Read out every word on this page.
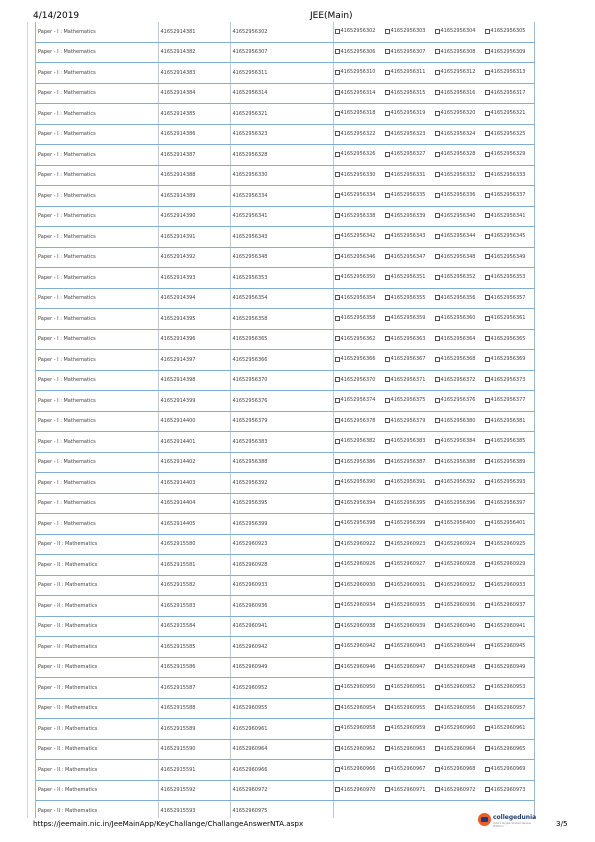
4/14/2019	JEE(Main)
Paper - I : Mathematics	41652914381	41652956302	41652956302 41652956303 41652956304 41652956305

Paper - I : Mathematics	41652914382	41652956307	41652956306 41652956307 41652956308 41652956309

Paper - I : Mathematics	41652914383	41652956311	41652956310 41652956311 41652956312 41652956313

Paper - I : Mathematics	41652914384	41652956314	41652956314 41652956315 41652956316 41652956317

Paper - I : Mathematics	41652914385	41652956321	41652956318 41652956319 41652956320 41652956321

Paper - I : Mathematics	41652914386	41652956323	41652956322 41652956323 41652956324 41652956325

Paper - I : Mathematics	41652914387	41652956328	41652956326 41652956327 41652956328 41652956329

Paper - I : Mathematics	41652914388	41652956330	41652956330 41652956331 41652956332 41652956333

Paper - I : Mathematics	41652914389	41652956334	41652956334 41652956335 41652956336 41652956337

Paper - I : Mathematics	41652914390	41652956341	41652956338 41652956339 41652956340 41652956341

Paper - I : Mathematics	41652914391	41652956343	41652956342 41652956343 41652956344 41652956345

Paper - I : Mathematics	41652914392	41652956348	41652956346 41652956347 41652956348 41652956349

Paper - I : Mathematics	41652914393	41652956353	41652956350 41652956351 41652956352 41652956353

Paper - I : Mathematics	41652914394	41652956354	41652956354 41652956355 41652956356 41652956357

Paper - I : Mathematics	41652914395	41652956358	41652956358 41652956359 41652956360 41652956361

Paper - I : Mathematics	41652914396	41652956365	41652956362 41652956363 41652956364 41652956365

Paper - I : Mathematics	41652914397	41652956366	41652956366 41652956367 41652956368 41652956369

Paper - I : Mathematics	41652914398	41652956370	41652956370 41652956371 41652956372 41652956373

Paper - I : Mathematics	41652914399	41652956376	41652956374 41652956375 41652956376 41652956377

Paper - I : Mathematics	41652914400	41652956379	41652956378 41652956379 41652956380 41652956381

Paper - I : Mathematics	41652914401	41652956383	41652956382 41652956383 41652956384 41652956385

Paper - I : Mathematics	41652914402	41652956388	41652956386 41652956387 41652956388 41652956389

Paper - I : Mathematics	41652914403	41652956392	41652956390 41652956391 41652956392 41652956393

Paper - I : Mathematics	41652914404	41652956395	41652956394 41652956395 41652956396 41652956397

Paper - I : Mathematics	41652914405	41652956399	41652956398 41652956399 41652956400 41652956401

Paper - II : Mathematics	41652915580	41652960923	41652960922 41652960923 41652960924 41652960925

Paper - II : Mathematics	41652915581	41652960928	41652960926 41652960927 41652960928 41652960929

Paper - II : Mathematics	41652915582	41652960933	41652960930 41652960931 41652960932 41652960933

Paper - II : Mathematics	41652915583	41652960936	41652960934 41652960935 41652960936 41652960937

Paper - II : Mathematics	41652915584	41652960941	41652960938 41652960939 41652960940 41652960941

Paper - II : Mathematics	41652915585	41652960942	41652960942 41652960943 41652960944 41652960945

Paper - II : Mathematics	41652915586	41652960949	41652960946 41652960947 41652960948 41652960949

Paper - II : Mathematics	41652915587	41652960952	41652960950 41652960951 41652960952 41652960953

Paper - II : Mathematics	41652915588	41652960955	41652960954 41652960955 41652960956 41652960957

Paper - II : Mathematics	41652915589	41652960961	41652960958 41652960959 41652960960 41652960961

Paper - II : Mathematics	41652915590	41652960964	41652960962 41652960963 41652960964 41652960965

Paper - II : Mathematics	41652915591	41652960966	41652960966 41652960967 41652960968 41652960969

Paper - II : Mathematics	41652915592	41652960972	41652960970 41652960971 41652960972 41652960973

Paper - II : Mathematics	41652915593	41652960975	
https://jeemain.nic.in/JeeMainApp/KeyChallange/ChallangeAnswerNTA.aspx
collegedunia
India's largest Student Review Platform	3/5
